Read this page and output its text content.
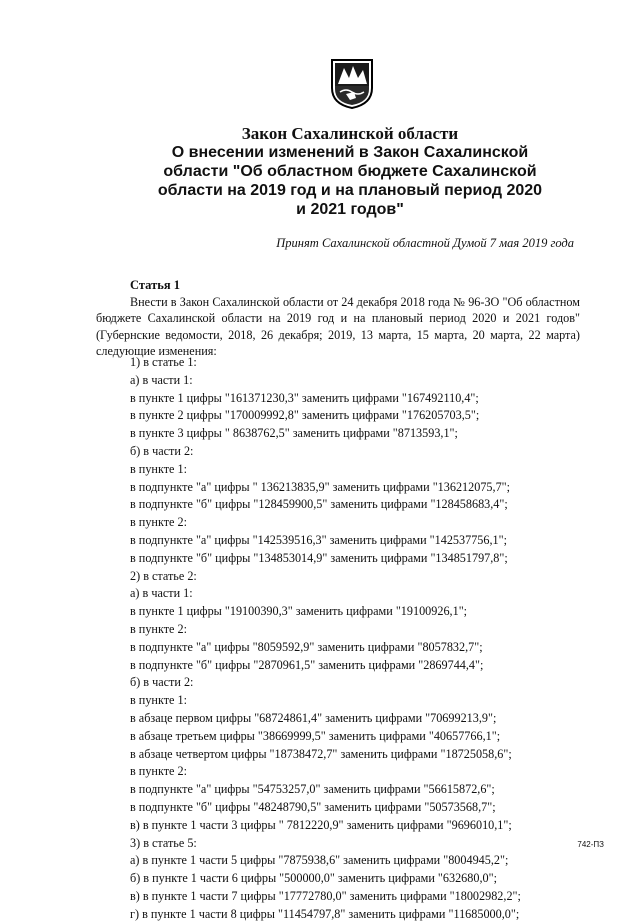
Закон Сахалинской области
О внесении изменений в Закон Сахалинской
области "Об областном бюджете Сахалинской
области на 2019 год и на плановый период 2020
и 2021 годов"
Принят Сахалинской областной Думой 7 мая 2019 года
Статья 1
Внести в Закон Сахалинской области от 24 декабря 2018 года № 96-ЗО "Об областном бюджете Сахалинской области на 2019 год и на плановый период 2020 и 2021 годов" (Губернские ведомости, 2018, 26 декабря; 2019, 13 марта, 15 марта, 20 марта, 22 марта) следующие изменения:
1) в статье 1:
а) в части 1:
в пункте 1 цифры "161371230,3" заменить цифрами "167492110,4";
в пункте 2 цифры "170009992,8" заменить цифрами "176205703,5";
в пункте 3 цифры " 8638762,5" заменить цифрами "8713593,1";
б) в части 2:
в пункте 1:
в подпункте "а" цифры " 136213835,9" заменить цифрами "136212075,7";
в подпункте "б" цифры "128459900,5" заменить цифрами "128458683,4";
в пункте 2:
в подпункте "а" цифры "142539516,3" заменить цифрами "142537756,1";
в подпункте "б" цифры "134853014,9" заменить цифрами "134851797,8";
2) в статье 2:
а) в части 1:
в пункте 1 цифры "19100390,3" заменить цифрами "19100926,1";
в пункте 2:
в подпункте "а" цифры "8059592,9" заменить цифрами "8057832,7";
в подпункте "б" цифры "2870961,5" заменить цифрами "2869744,4";
б) в части 2:
в пункте 1:
в абзаце первом цифры "68724861,4" заменить цифрами "70699213,9";
в абзаце третьем цифры "38669999,5" заменить цифрами "40657766,1";
в абзаце четвертом цифры "18738472,7" заменить цифрами "18725058,6";
в пункте 2:
в подпункте "а" цифры "54753257,0" заменить цифрами "56615872,6";
в подпункте "б" цифры "48248790,5" заменить цифрами "50573568,7";
в) в пункте 1 части 3 цифры " 7812220,9" заменить цифрами "9696010,1";
3) в статье 5:
а) в пункте 1 части 5 цифры "7875938,6" заменить цифрами "8004945,2";
б) в пункте 1 части 6 цифры "500000,0" заменить цифрами "632680,0";
в) в пункте 1 части 7 цифры "17772780,0" заменить цифрами "18002982,2";
г) в пункте 1 части 8 цифры "11454797,8" заменить цифрами "11685000,0";
742-ПЗ
